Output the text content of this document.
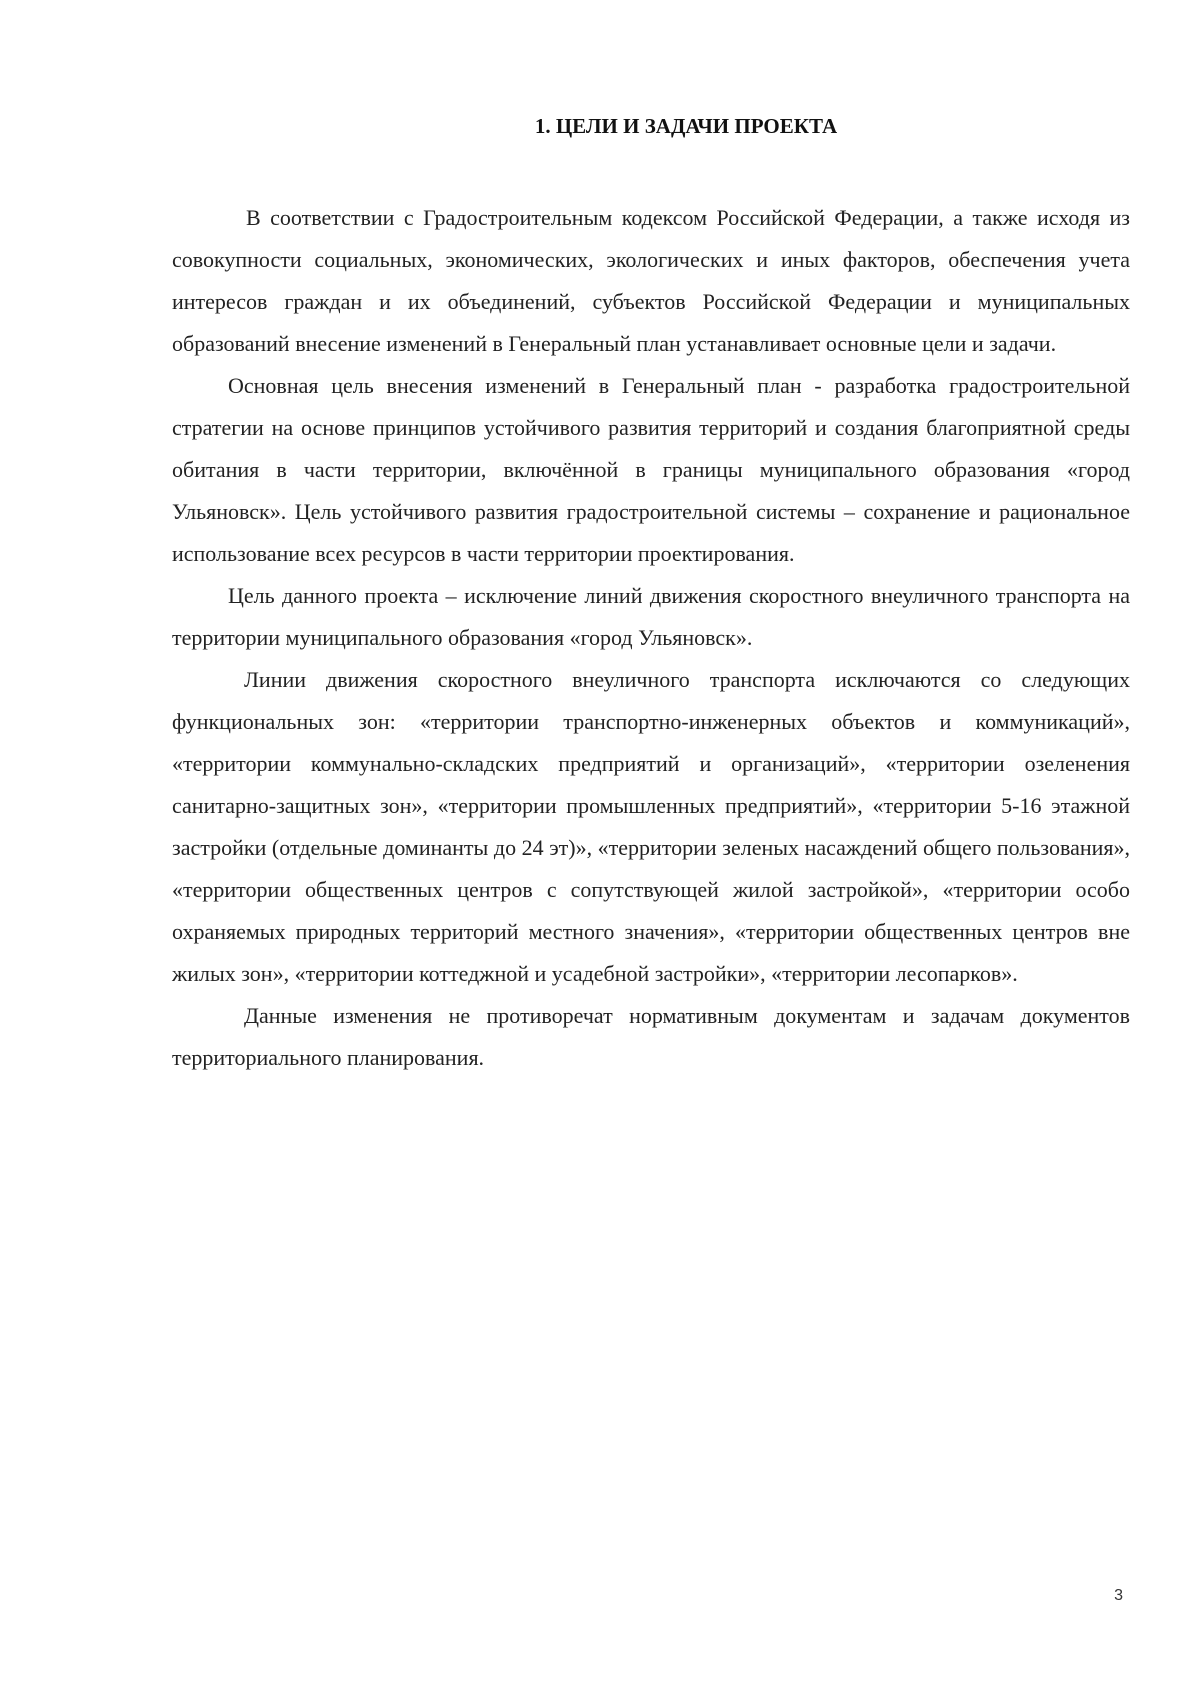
1. ЦЕЛИ И ЗАДАЧИ ПРОЕКТА

В соответствии с Градостроительным кодексом Российской Федерации, а также исходя из совокупности социальных, экономических, экологических и иных факторов, обеспечения учета интересов граждан и их объединений, субъектов Российской Федерации и муниципальных образований внесение изменений в Генеральный план устанавливает основные цели и задачи.

Основная цель внесения изменений в Генеральный план - разработка градостроительной стратегии на основе принципов устойчивого развития территорий и создания благоприятной среды обитания в части территории, включённой в границы муниципального образования «город Ульяновск». Цель устойчивого развития градостроительной системы – сохранение и рациональное использование всех ресурсов в части территории проектирования.

Цель данного проекта – исключение линий движения скоростного внеуличного транспорта на территории муниципального образования «город Ульяновск».

Линии движения скоростного внеуличного транспорта исключаются со следующих функциональных зон: «территории транспортно-инженерных объектов и коммуникаций», «территории коммунально-складских предприятий и организаций», «территории озеленения санитарно-защитных зон», «территории промышленных предприятий», «территории 5-16 этажной застройки (отдельные доминанты до 24 эт)», «территории зеленых насаждений общего пользования», «территории общественных центров с сопутствующей жилой застройкой», «территории особо охраняемых природных территорий местного значения», «территории общественных центров вне жилых зон», «территории коттеджной и усадебной застройки», «территории лесопарков».

Данные изменения не противоречат нормативным документам и задачам документов территориального планирования.

3
